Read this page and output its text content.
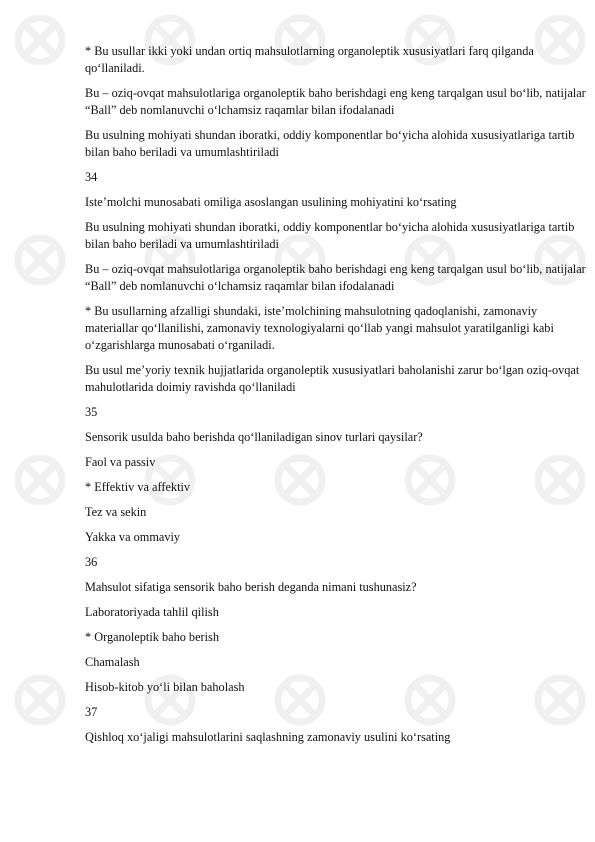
* Bu usullar ikki yoki undan ortiq mahsulotlarning organoleptik xususiyatlari farq qilganda qo‘llaniladi.

Bu – oziq-ovqat mahsulotlariga organoleptik baho berishdagi eng keng tarqalgan usul bo‘lib, natijalar “Ball” deb nomlanuvchi o‘lchamsiz raqamlar bilan ifodalanadi

Bu usulning mohiyati shundan iboratki, oddiy komponentlar bo‘yicha alohida xususiyatlariga tartib bilan baho beriladi va umumlashtiriladi

34

Iste’molchi munosabati omiliga asoslangan usulining mohiyatini ko‘rsating

Bu usulning mohiyati shundan iboratki, oddiy komponentlar bo‘yicha alohida xususiyatlariga tartib bilan baho beriladi va umumlashtiriladi

Bu – oziq-ovqat mahsulotlariga organoleptik baho berishdagi eng keng tarqalgan usul bo‘lib, natijalar “Ball” deb nomlanuvchi o‘lchamsiz raqamlar bilan ifodalanadi

* Bu usullarning afzalligi shundaki, iste’molchining mahsulotning qadoqlanishi, zamonaviy materiallar qo‘llanilishi, zamonaviy texnologiyalarni qo‘llab yangi mahsulot yaratilganligi kabi o‘zgarishlarga munosabati o‘rganiladi.

Bu usul me’yoriy texnik hujjatlarida organoleptik xususiyatlari baholanishi zarur bo‘lgan oziq-ovqat mahulotlarida doimiy ravishda qo‘llaniladi

35

Sensorik usulda baho berishda qo‘llaniladigan sinov turlari qaysilar?

Faol va passiv

* Effektiv va affektiv

Tez va sekin

Yakka va ommaviy

36

Mahsulot sifatiga sensorik baho berish deganda nimani tushunasiz?

Laboratoriyada tahlil qilish

* Organoleptik baho berish

Chamalash

Hisob-kitob yo‘li bilan baholash

37

Qishloq xo‘jaligi mahsulotlarini saqlashning zamonaviy usulini ko‘rsating
